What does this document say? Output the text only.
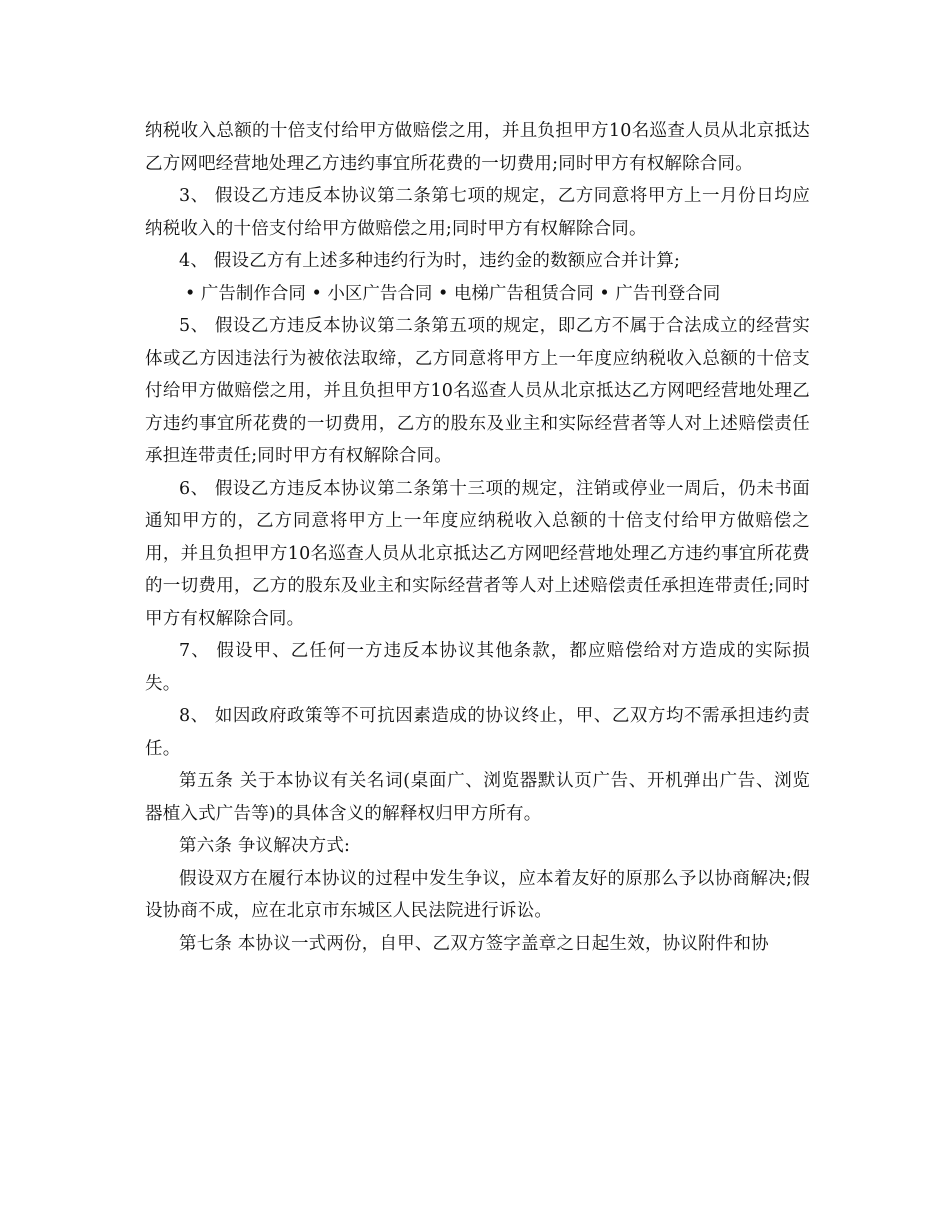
纳税收入总额的十倍支付给甲方做赔偿之用，并且负担甲方10名巡查人员从北京抵达乙方网吧经营地处理乙方违约事宜所花费的一切费用;同时甲方有权解除合同。

3、 假设乙方违反本协议第二条第七项的规定，乙方同意将甲方上一月份日均应纳税收入的十倍支付给甲方做赔偿之用;同时甲方有权解除合同。

4、 假设乙方有上述多种违约行为时，违约金的数额应合并计算;

• 广告制作合同 • 小区广告合同 • 电梯广告租赁合同 • 广告刊登合同

5、 假设乙方违反本协议第二条第五项的规定，即乙方不属于合法成立的经营实体或乙方因违法行为被依法取缔，乙方同意将甲方上一年度应纳税收入总额的十倍支付给甲方做赔偿之用，并且负担甲方10名巡查人员从北京抵达乙方网吧经营地处理乙方违约事宜所花费的一切费用，乙方的股东及业主和实际经营者等人对上述赔偿责任承担连带责任;同时甲方有权解除合同。

6、 假设乙方违反本协议第二条第十三项的规定，注销或停业一周后，仍未书面通知甲方的，乙方同意将甲方上一年度应纳税收入总额的十倍支付给甲方做赔偿之用，并且负担甲方10名巡查人员从北京抵达乙方网吧经营地处理乙方违约事宜所花费的一切费用，乙方的股东及业主和实际经营者等人对上述赔偿责任承担连带责任;同时甲方有权解除合同。

7、 假设甲、乙任何一方违反本协议其他条款，都应赔偿给对方造成的实际损失。

8、 如因政府政策等不可抗因素造成的协议终止，甲、乙双方均不需承担违约责任。

第五条 关于本协议有关名词(桌面广、浏览器默认页广告、开机弹出广告、浏览器植入式广告等)的具体含义的解释权归甲方所有。

第六条 争议解决方式:

假设双方在履行本协议的过程中发生争议，应本着友好的原那么予以协商解决;假设协商不成，应在北京市东城区人民法院进行诉讼。

第七条 本协议一式两份，自甲、乙双方签字盖章之日起生效，协议附件和协
